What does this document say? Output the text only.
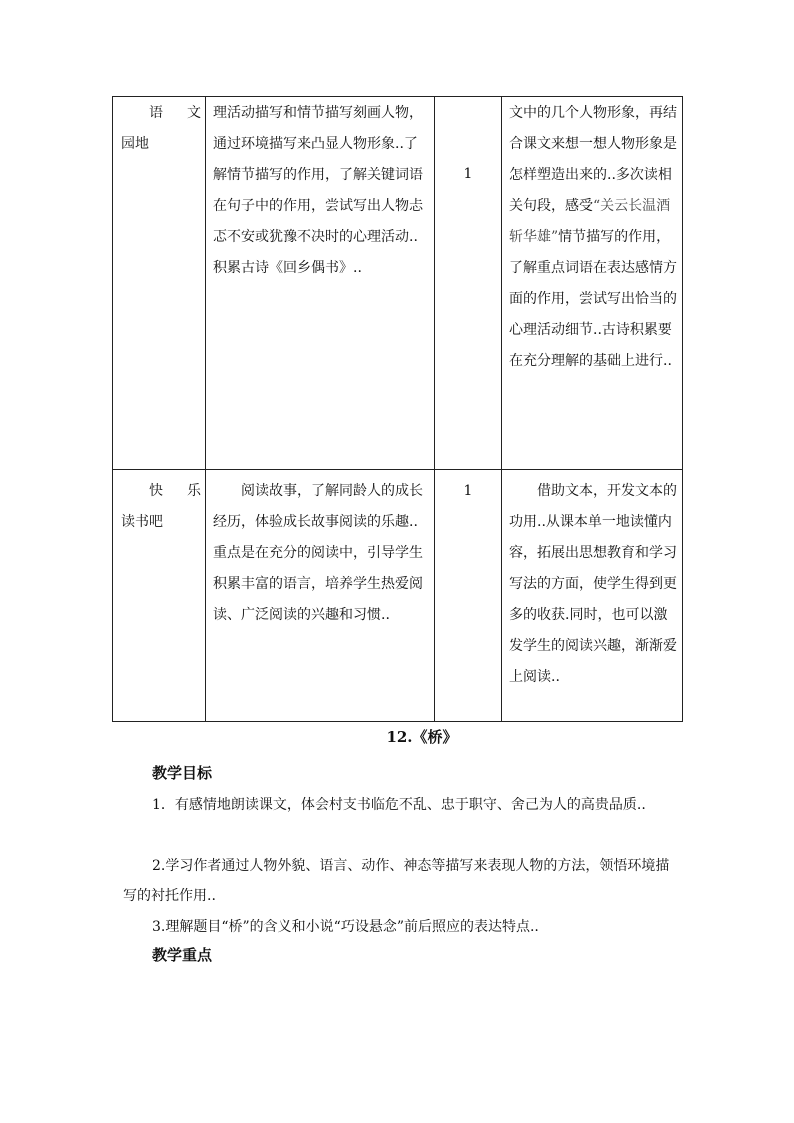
语 文
园地	理活动描写和情节描写刻画人物，通过环境描写来凸显人物形象..了解情节描写的作用，了解关键词语在句子中的作用，尝试写出人物忐忑不安或犹豫不决时的心理活动..积累古诗《回乡偶书》..	1	文中的几个人物形象，再结合课文来想一想人物形象是怎样塑造出来的..多次读相关句段，感受“关云长温酒斩华雄”情节描写的作用，了解重点词语在表达感情方面的作用，尝试写出恰当的心理活动细节..古诗积累要在充分理解的基础上进行..

快 乐
读书吧	阅读故事，了解同龄人的成长经历，体验成长故事阅读的乐趣..重点是在充分的阅读中，引导学生积累丰富的语言，培养学生热爱阅读、广泛阅读的兴趣和习惯..	1	借助文本，开发文本的功用..从课本单一地读懂内容，拓展出思想教育和学习写法的方面，使学生得到更多的收获.同时，也可以激发学生的阅读兴趣，渐渐爱上阅读..
12.《桥》
教学目标
1．有感情地朗读课文，体会村支书临危不乱、忠于职守、舍己为人的高贵品质..
2.学习作者通过人物外貌、语言、动作、神态等描写来表现人物的方法，领悟环境描写的衬托作用..
3.理解题目“桥”的含义和小说“巧设悬念”前后照应的表达特点..
教学重点
